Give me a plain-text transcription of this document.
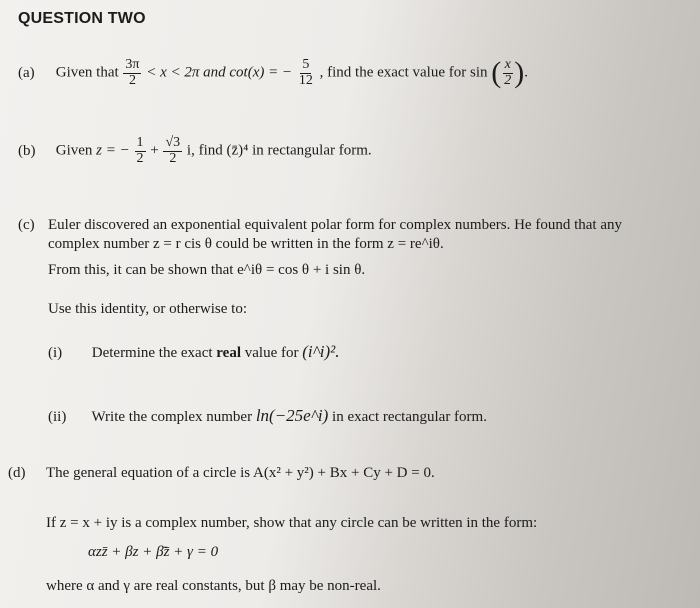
QUESTION TWO
(a) Given that $\frac{3\pi}{2} < x < 2\pi$ and cot(x) = − $\frac{5}{12}$ , find the exact value for sin ( $\frac{x}{2}$ ).
(b) Given z = − $\frac{1}{2} + \frac{√3}{2} i$, find (z̄)⁴ in rectangular form.
(c) Euler discovered an exponential equivalent polar form for complex numbers. He found that any
complex number z = r cis θ could be written in the form z = re^iθ.
From this, it can be shown that e^iθ = cos θ + i sin θ.
Use this identity, or otherwise to:
(i) Determine the exact real value for (i^i)².
(ii) Write the complex number ln(−25e^i) in exact rectangular form.
(d) The general equation of a circle is A(x² + y²) + Bx + Cy + D = 0.
If z = x + iy is a complex number, show that any circle can be written in the form:
αzz̄ + βz + β̄z̄ + γ = 0
where α and γ are real constants, but β may be non-real.
